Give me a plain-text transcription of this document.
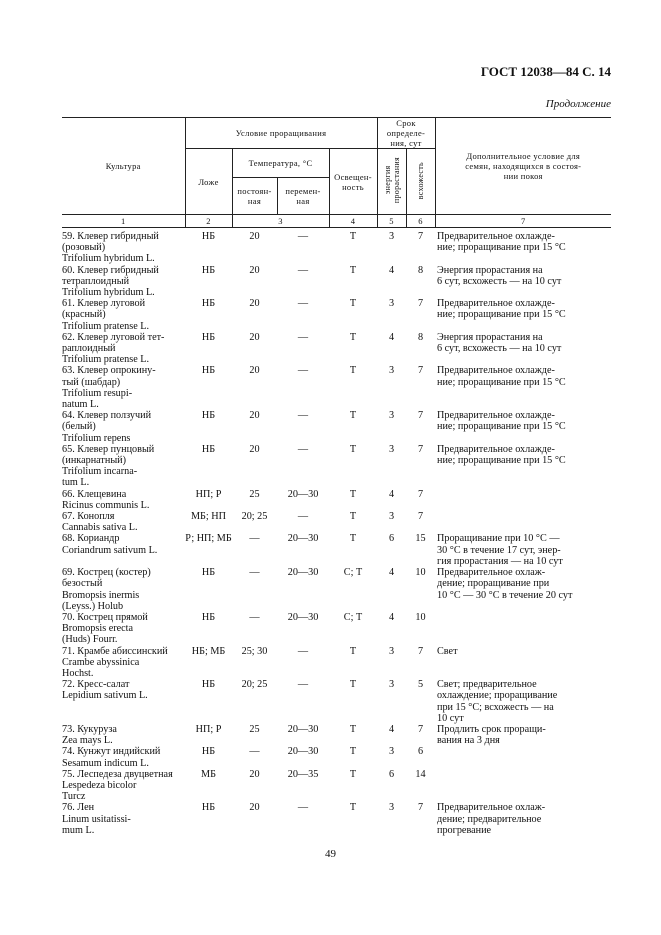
ГОСТ 12038—84 С. 14
Продолжение
Культура	Условие проращивания				Срок определе-
ния, сут		Дополнительное условие для
семян, находящихся в состоя-
нии покоя
	Ложе	Температура, °С		Освещен-
ность	энергия
прорастания	всхожесть	
		постоян-
ная	перемен-
ная				
1	2	3		4	5	6	7
59. Клевер гибридный
(розовый)
Trifolium hybridum L.	НБ	20	—	Т	3	7	Предварительное охлажде-
ние; проращивание при 15 °С
60. Клевер гибридный
тетраплоидный
Trifolium hybridum L.	НБ	20	—	Т	4	8	Энергия прорастания на
6 сут, всхожесть — на 10 сут
61. Клевер луговой
(красный)
Trifolium pratense L.	НБ	20	—	Т	3	7	Предварительное охлажде-
ние; проращивание при 15 °С
62. Клевер луговой тет-
раплоидный
Trifolium pratense L.	НБ	20	—	Т	4	8	Энергия прорастания на
6 сут, всхожесть — на 10 сут
63. Клевер опрокину-
тый (шабдар)
Trifolium resupi-
natum L.	НБ	20	—	Т	3	7	Предварительное охлажде-
ние; проращивание при 15 °С
64. Клевер ползучий
(белый)
Trifolium repens	НБ	20	—	Т	3	7	Предварительное охлажде-
ние; проращивание при 15 °С
65. Клевер пунцовый
(инкарнатный)
Trifolium incarna-
tum L.	НБ	20	—	Т	3	7	Предварительное охлажде-
ние; проращивание при 15 °С
66. Клещевина
Ricinus communis L.	НП; Р	25	20—30	Т	4	7	
67. Конопля
Cannabis sativa L.	МБ; НП	20; 25	—	Т	3	7	
68. Кориандр
Coriandrum sativum L.	Р; НП; МБ	—	20—30	Т	6	15	Проращивание при 10 °С —
30 °С в течение 17 сут, энер-
гия прорастания — на 10 сут
69. Кострец (костер)
безостый
Bromopsis inermis
(Leyss.) Holub	НБ	—	20—30	С; Т	4	10	Предварительное охлаж-
дение; проращивание при
10 °С — 30 °С в течение 20 сут
70. Кострец прямой
Bromopsis erecta
(Huds) Fourr.	НБ	—	20—30	С; Т	4	10	
71. Крамбе абиссинский
Crambe abyssinica
Hochst.	НБ; МБ	25; 30	—	Т	3	7	Свет
72. Кресс-салат
Lepidium sativum L.	НБ	20; 25	—	Т	3	5	Свет; предварительное
охлаждение; проращивание
при 15 °С; всхожесть — на
10 сут
73. Кукуруза
Zea mays L.	НП; Р	25	20—30	Т	4	7	Продлить срок проращи-
вания на 3 дня
74. Кунжут индийский
Sesamum indicum L.	НБ	—	20—30	Т	3	6	
75. Леспедеза двуцветная
Lespedeza bicolor
Turcz	МБ	20	20—35	Т	6	14	
76. Лен
Linum usitatissi-
mum L.	НБ	20	—	Т	3	7	Предварительное охлаж-
дение; предварительное
прогревание
49
